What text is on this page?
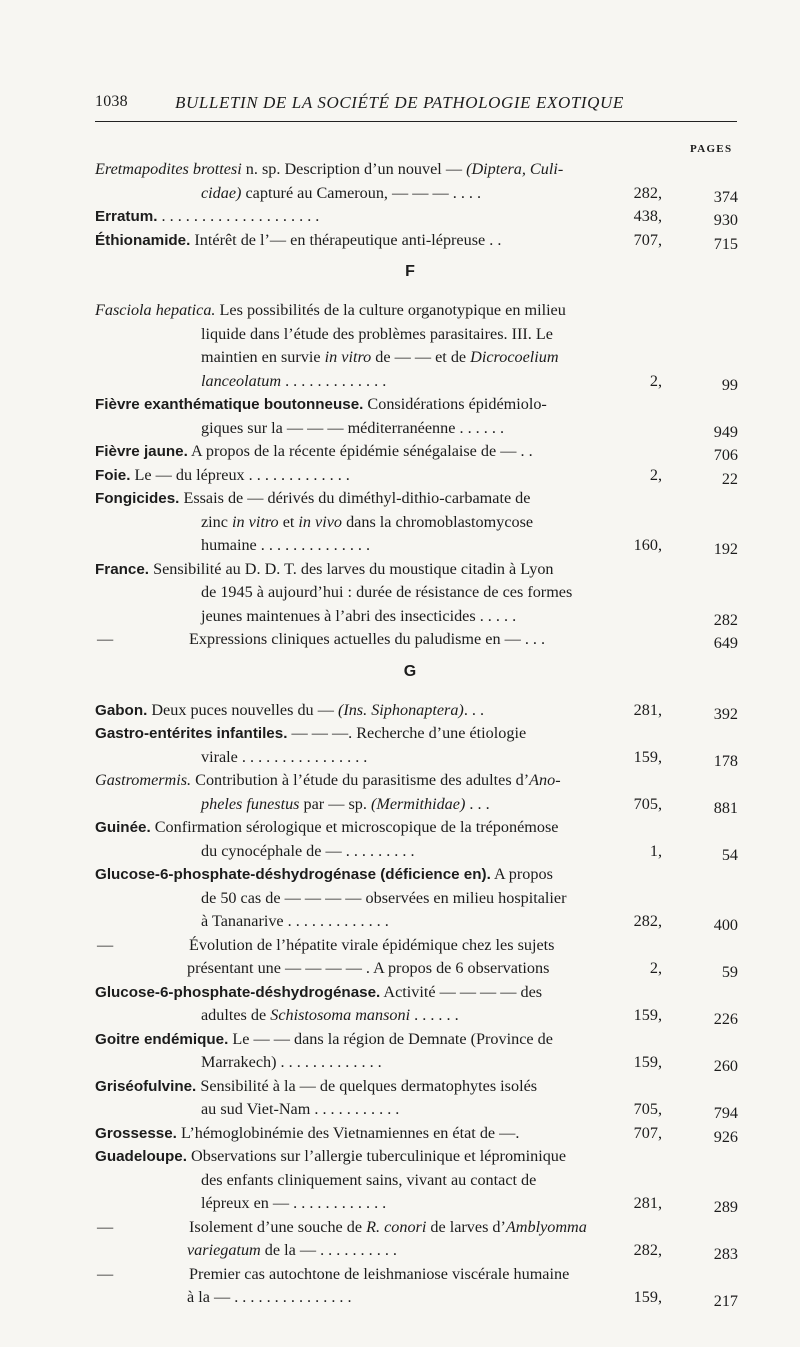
1038	BULLETIN DE LA SOCIÉTÉ DE PATHOLOGIE EXOTIQUE
PAGES
Eretmapodites brottesi n. sp. Description d’un nouvel — (Diptera, Culi-
cidae) capturé au Cameroun, — — — . . . .	282,	374
Erratum. . . . . . . . . . . . . . . . . . . . .	438,	930
Éthionamide. Intérêt de l’— en thérapeutique anti-lépreuse . .	707,	715
F
Fasciola hepatica. Les possibilités de la culture organotypique en milieu
liquide dans l’étude des problèmes parasitaires. III. Le
maintien en survie in vitro de — — et de Dicrocoelium
lanceolatum . . . . . . . . . . . . .	2,	99
Fièvre exanthématique boutonneuse. Considérations épidémiolo-
giques sur la — — — méditerranéenne . . . . . .	949
Fièvre jaune. A propos de la récente épidémie sénégalaise de — . .	706
Foie. Le — du lépreux . . . . . . . . . . . . .	2,	22
Fongicides. Essais de — dérivés du diméthyl-dithio-carbamate de
zinc in vitro et in vivo dans la chromoblastomycose
humaine . . . . . . . . . . . . . .	160,	192
France. Sensibilité au D. D. T. des larves du moustique citadin à Lyon
de 1945 à aujourd’hui : durée de résistance de ces formes
jeunes maintenues à l’abri des insecticides . . . . .	282
—	Expressions cliniques actuelles du paludisme en — . . .	649
G
Gabon. Deux puces nouvelles du — (Ins. Siphonaptera). . .	281,	392
Gastro-entérites infantiles. — — —. Recherche d’une étiologie
virale . . . . . . . . . . . . . . . .	159,	178
Gastromermis. Contribution à l’étude du parasitisme des adultes d’Ano-
pheles funestus par — sp. (Mermithidae) . . .	705,	881
Guinée. Confirmation sérologique et microscopique de la tréponémose
du cynocéphale de — . . . . . . . . .	1,	54
Glucose-6-phosphate-déshydrogénase (déficience en). A propos
de 50 cas de — — — — observées en milieu hospitalier
à Tananarive . . . . . . . . . . . . .	282,	400
—	Évolution de l’hépatite virale épidémique chez les sujets
présentant une — — — — . A propos de 6 observations	2,	59
Glucose-6-phosphate-déshydrogénase. Activité — — — — des
adultes de Schistosoma mansoni . . . . . .	159,	226
Goitre endémique. Le — — dans la région de Demnate (Province de
Marrakech) . . . . . . . . . . . . .	159,	260
Griséofulvine. Sensibilité à la — de quelques dermatophytes isolés
au sud Viet-Nam . . . . . . . . . . .	705,	794
Grossesse. L’hémoglobinémie des Vietnamiennes en état de —.	707,	926
Guadeloupe. Observations sur l’allergie tuberculinique et léprominique
des enfants cliniquement sains, vivant au contact de
lépreux en — . . . . . . . . . . . .	281,	289
—	Isolement d’une souche de R. conori de larves d’Amblyomma
variegatum de la — . . . . . . . . . .	282,	283
—	Premier cas autochtone de leishmaniose viscérale humaine
à la — . . . . . . . . . . . . . . .	159,	217
